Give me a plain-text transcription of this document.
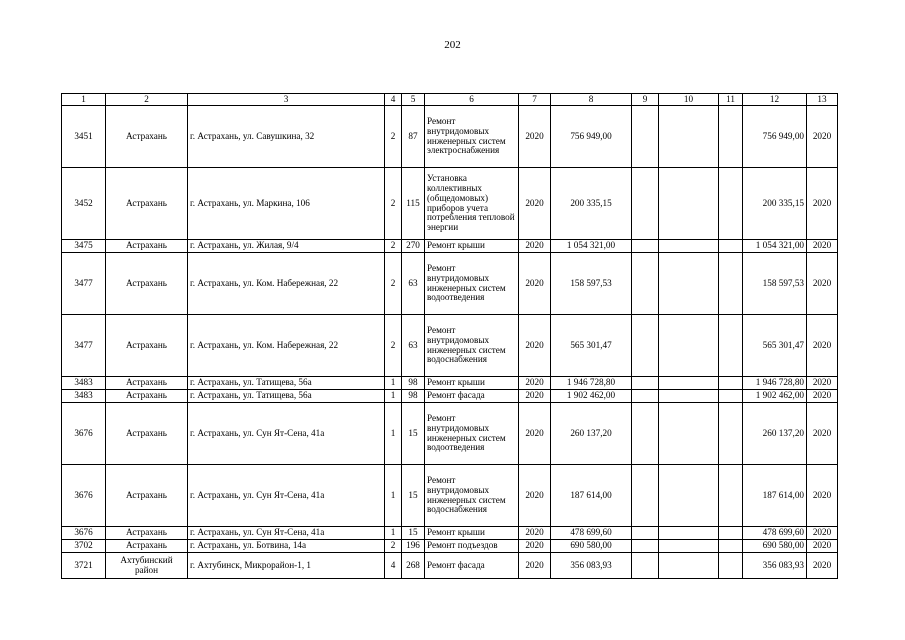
202
1	2	3	4	5	6	7	8	9	10	11	12	13
3451	Астрахань	г. Астрахань, ул. Савушкина, 32	2	87	Ремонт внутридомовых инженерных систем электроснабжения	2020	756 949,00				756 949,00	2020
3452	Астрахань	г. Астрахань, ул. Маркина, 106	2	115	Установка коллективных (общедомовых) приборов учета потребления тепловой энергии	2020	200 335,15				200 335,15	2020
3475	Астрахань	г. Астрахань, ул. Жилая, 9/4	2	270	Ремонт крыши	2020	1 054 321,00				1 054 321,00	2020
3477	Астрахань	г. Астрахань, ул. Ком. Набережная, 22	2	63	Ремонт внутридомовых инженерных систем водоотведения	2020	158 597,53				158 597,53	2020
3477	Астрахань	г. Астрахань, ул. Ком. Набережная, 22	2	63	Ремонт внутридомовых инженерных систем водоснабжения	2020	565 301,47				565 301,47	2020
3483	Астрахань	г. Астрахань, ул. Татищева, 56а	1	98	Ремонт крыши	2020	1 946 728,80				1 946 728,80	2020
3483	Астрахань	г. Астрахань, ул. Татищева, 56а	1	98	Ремонт фасада	2020	1 902 462,00				1 902 462,00	2020
3676	Астрахань	г. Астрахань, ул. Сун Ят-Сена, 41а	1	15	Ремонт внутридомовых инженерных систем водоотведения	2020	260 137,20				260 137,20	2020
3676	Астрахань	г. Астрахань, ул. Сун Ят-Сена, 41а	1	15	Ремонт внутридомовых инженерных систем водоснабжения	2020	187 614,00				187 614,00	2020
3676	Астрахань	г. Астрахань, ул. Сун Ят-Сена, 41а	1	15	Ремонт крыши	2020	478 699,60				478 699,60	2020
3702	Астрахань	г. Астрахань, ул. Ботвина, 14а	2	196	Ремонт подъездов	2020	690 580,00				690 580,00	2020
3721	Ахтубинский район	г. Ахтубинск, Микрорайон-1, 1	4	268	Ремонт фасада	2020	356 083,93				356 083,93	2020
